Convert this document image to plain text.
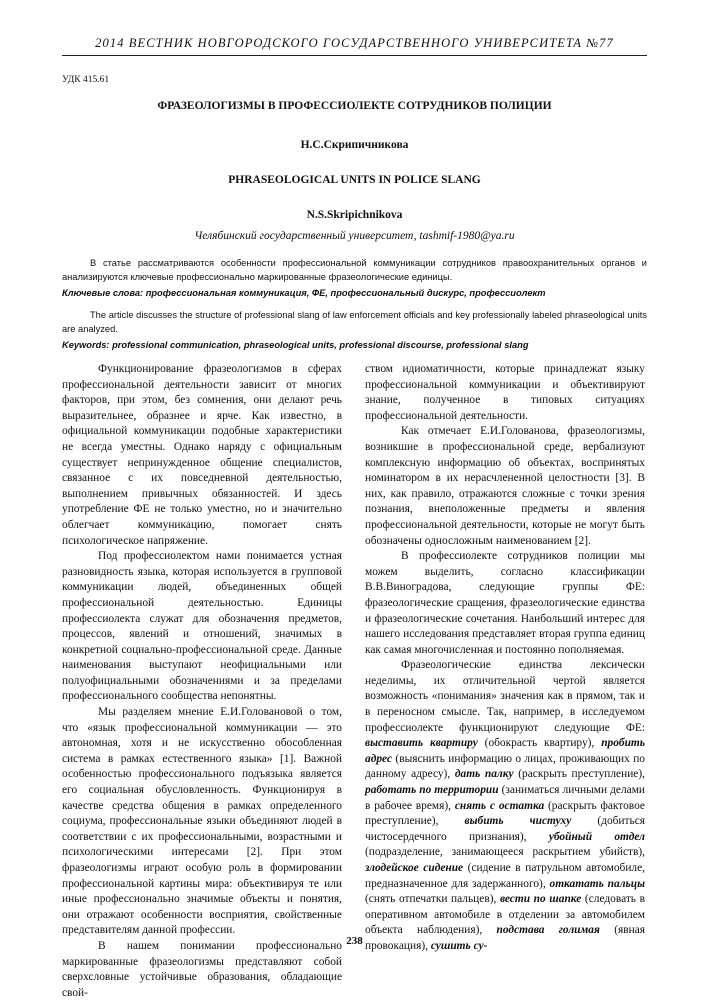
2014 ВЕСТНИК НОВГОРОДСКОГО ГОСУДАРСТВЕННОГО УНИВЕРСИТЕТА №77
УДК 415.61
ФРАЗЕОЛОГИЗМЫ В ПРОФЕССИОЛЕКТЕ СОТРУДНИКОВ ПОЛИЦИИ
Н.С.Скрипичникова
PHRASEOLOGICAL UNITS IN POLICE SLANG
N.S.Skripichnikova
Челябинский государственный университет, tashmif-1980@ya.ru

В статье рассматриваются особенности профессиональной коммуникации сотрудников правоохранительных органов и анализируются ключевые профессионально маркированные фразеологические единицы.

Ключевые слова: профессиональная коммуникация, ФЕ, профессиональный дискурс, профессиолект

The article discusses the structure of professional slang of law enforcement officials and key professionally labeled phraseological units are analyzed.

Keywords: professional communication, phraseological units, professional discourse, professional slang

Функционирование фразеологизмов в сферах профессиональной деятельности зависит от многих факторов, при этом, без сомнения, они делают речь выразительнее, образнее и ярче. Как известно, в официальной коммуникации подобные характеристики не всегда уместны. Однако наряду с официальным существует непринужденное общение специалистов, связанное с их повседневной деятельностью, выполнением привычных обязанностей. И здесь употребление ФЕ не только уместно, но и значительно облегчает коммуникацию, помогает снять психологическое напряжение.

Под профессиолектом нами понимается устная разновидность языка, которая используется в групповой коммуникации людей, объединенных общей профессиональной деятельностью. Единицы профессиолекта служат для обозначения предметов, процессов, явлений и отношений, значимых в конкретной социально-профессиональной среде. Данные наименования выступают неофициальными или полуофициальными обозначениями и за пределами профессионального сообщества непонятны.

Мы разделяем мнение Е.И.Головановой о том, что «язык профессиональной коммуникации — это автономная, хотя и не искусственно обособленная система в рамках естественного языка» [1]. Важной особенностью профессионального подъязыка является его социальная обусловленность. Функционируя в качестве средства общения в рамках определенного социума, профессиональные языки объединяют людей в соответствии с их профессиональными, возрастными и психологическими интересами [2]. При этом фразеологизмы играют особую роль в формировании профессиональной картины мира: объективируя те или иные профессионально значимые объекты и понятия, они отражают особенности восприятия, свойственные представителям данной профессии.

В нашем понимании профессионально маркированные фразеологизмы представляют собой сверхсловные устойчивые образования, обладающие свой-

ством идиоматичности, которые принадлежат языку профессиональной коммуникации и объективируют знание, полученное в типовых ситуациях профессиональной деятельности.

Как отмечает Е.И.Голованова, фразеологизмы, возникшие в профессиональной среде, вербализуют комплексную информацию об объектах, воспринятых номинатором в их нерасчлененной целостности [3]. В них, как правило, отражаются сложные с точки зрения познания, внеположенные предметы и явления профессиональной деятельности, которые не могут быть обозначены односложным наименованием [2].

В профессиолекте сотрудников полиции мы можем выделить, согласно классификации В.В.Виноградова, следующие группы ФЕ: фразеологические сращения, фразеологические единства и фразеологические сочетания. Наибольший интерес для нашего исследования представляет вторая группа единиц как самая многочисленная и постоянно пополняемая.

Фразеологические единства лексически неделимы, их отличительной чертой является возможность «понимания» значения как в прямом, так и в переносном смысле. Так, например, в исследуемом профессиолекте функционируют следующие ФЕ: выставить квартиру (обокрасть квартиру), пробить адрес (выяснить информацию о лицах, проживающих по данному адресу), дать палку (раскрыть преступление), работать по территории (заниматься личными делами в рабочее время), снять с остатка (раскрыть фактовое преступление), выбить чистуху (добиться чистосердечного признания), убойный отдел (подразделение, занимающееся раскрытием убийств), злодейское сидение (сидение в патрульном автомобиле, предназначенное для задержанного), откатать пальцы (снять отпечатки пальцев), вести по шапке (следовать в оперативном автомобиле в отделении за автомобилем объекта наблюдения), подстава голимая (явная провокация), сушить су-

238
